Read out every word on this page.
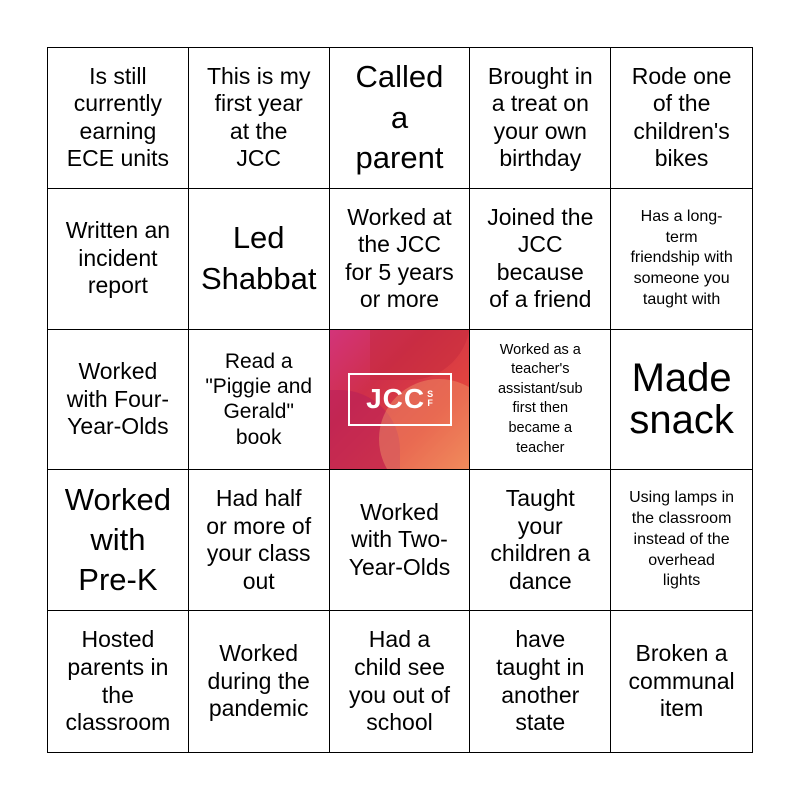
Is still
currently
earning
ECE units
This is my
first year
at the
JCC
Called
a
parent
Brought in
a treat on
your own
birthday
Rode one
of the
children's
bikes
Written an
incident
report
Led
Shabbat
Worked at
the JCC
for 5 years
or more
Joined the
JCC
because
of a friend
Has a long-
term
friendship with
someone you
taught with
Worked
with Four-
Year-Olds
Read a
"Piggie and
Gerald"
book
JCC S
F
Worked as a
teacher's
assistant/sub
first then
became a
teacher
Made
snack
Worked
with
Pre-K
Had half
or more of
your class
out
Worked
with Two-
Year-Olds
Taught
your
children a
dance
Using lamps in
the classroom
instead of the
overhead
lights
Hosted
parents in
the
classroom
Worked
during the
pandemic
Had a
child see
you out of
school
have
taught in
another
state
Broken a
communal
item
